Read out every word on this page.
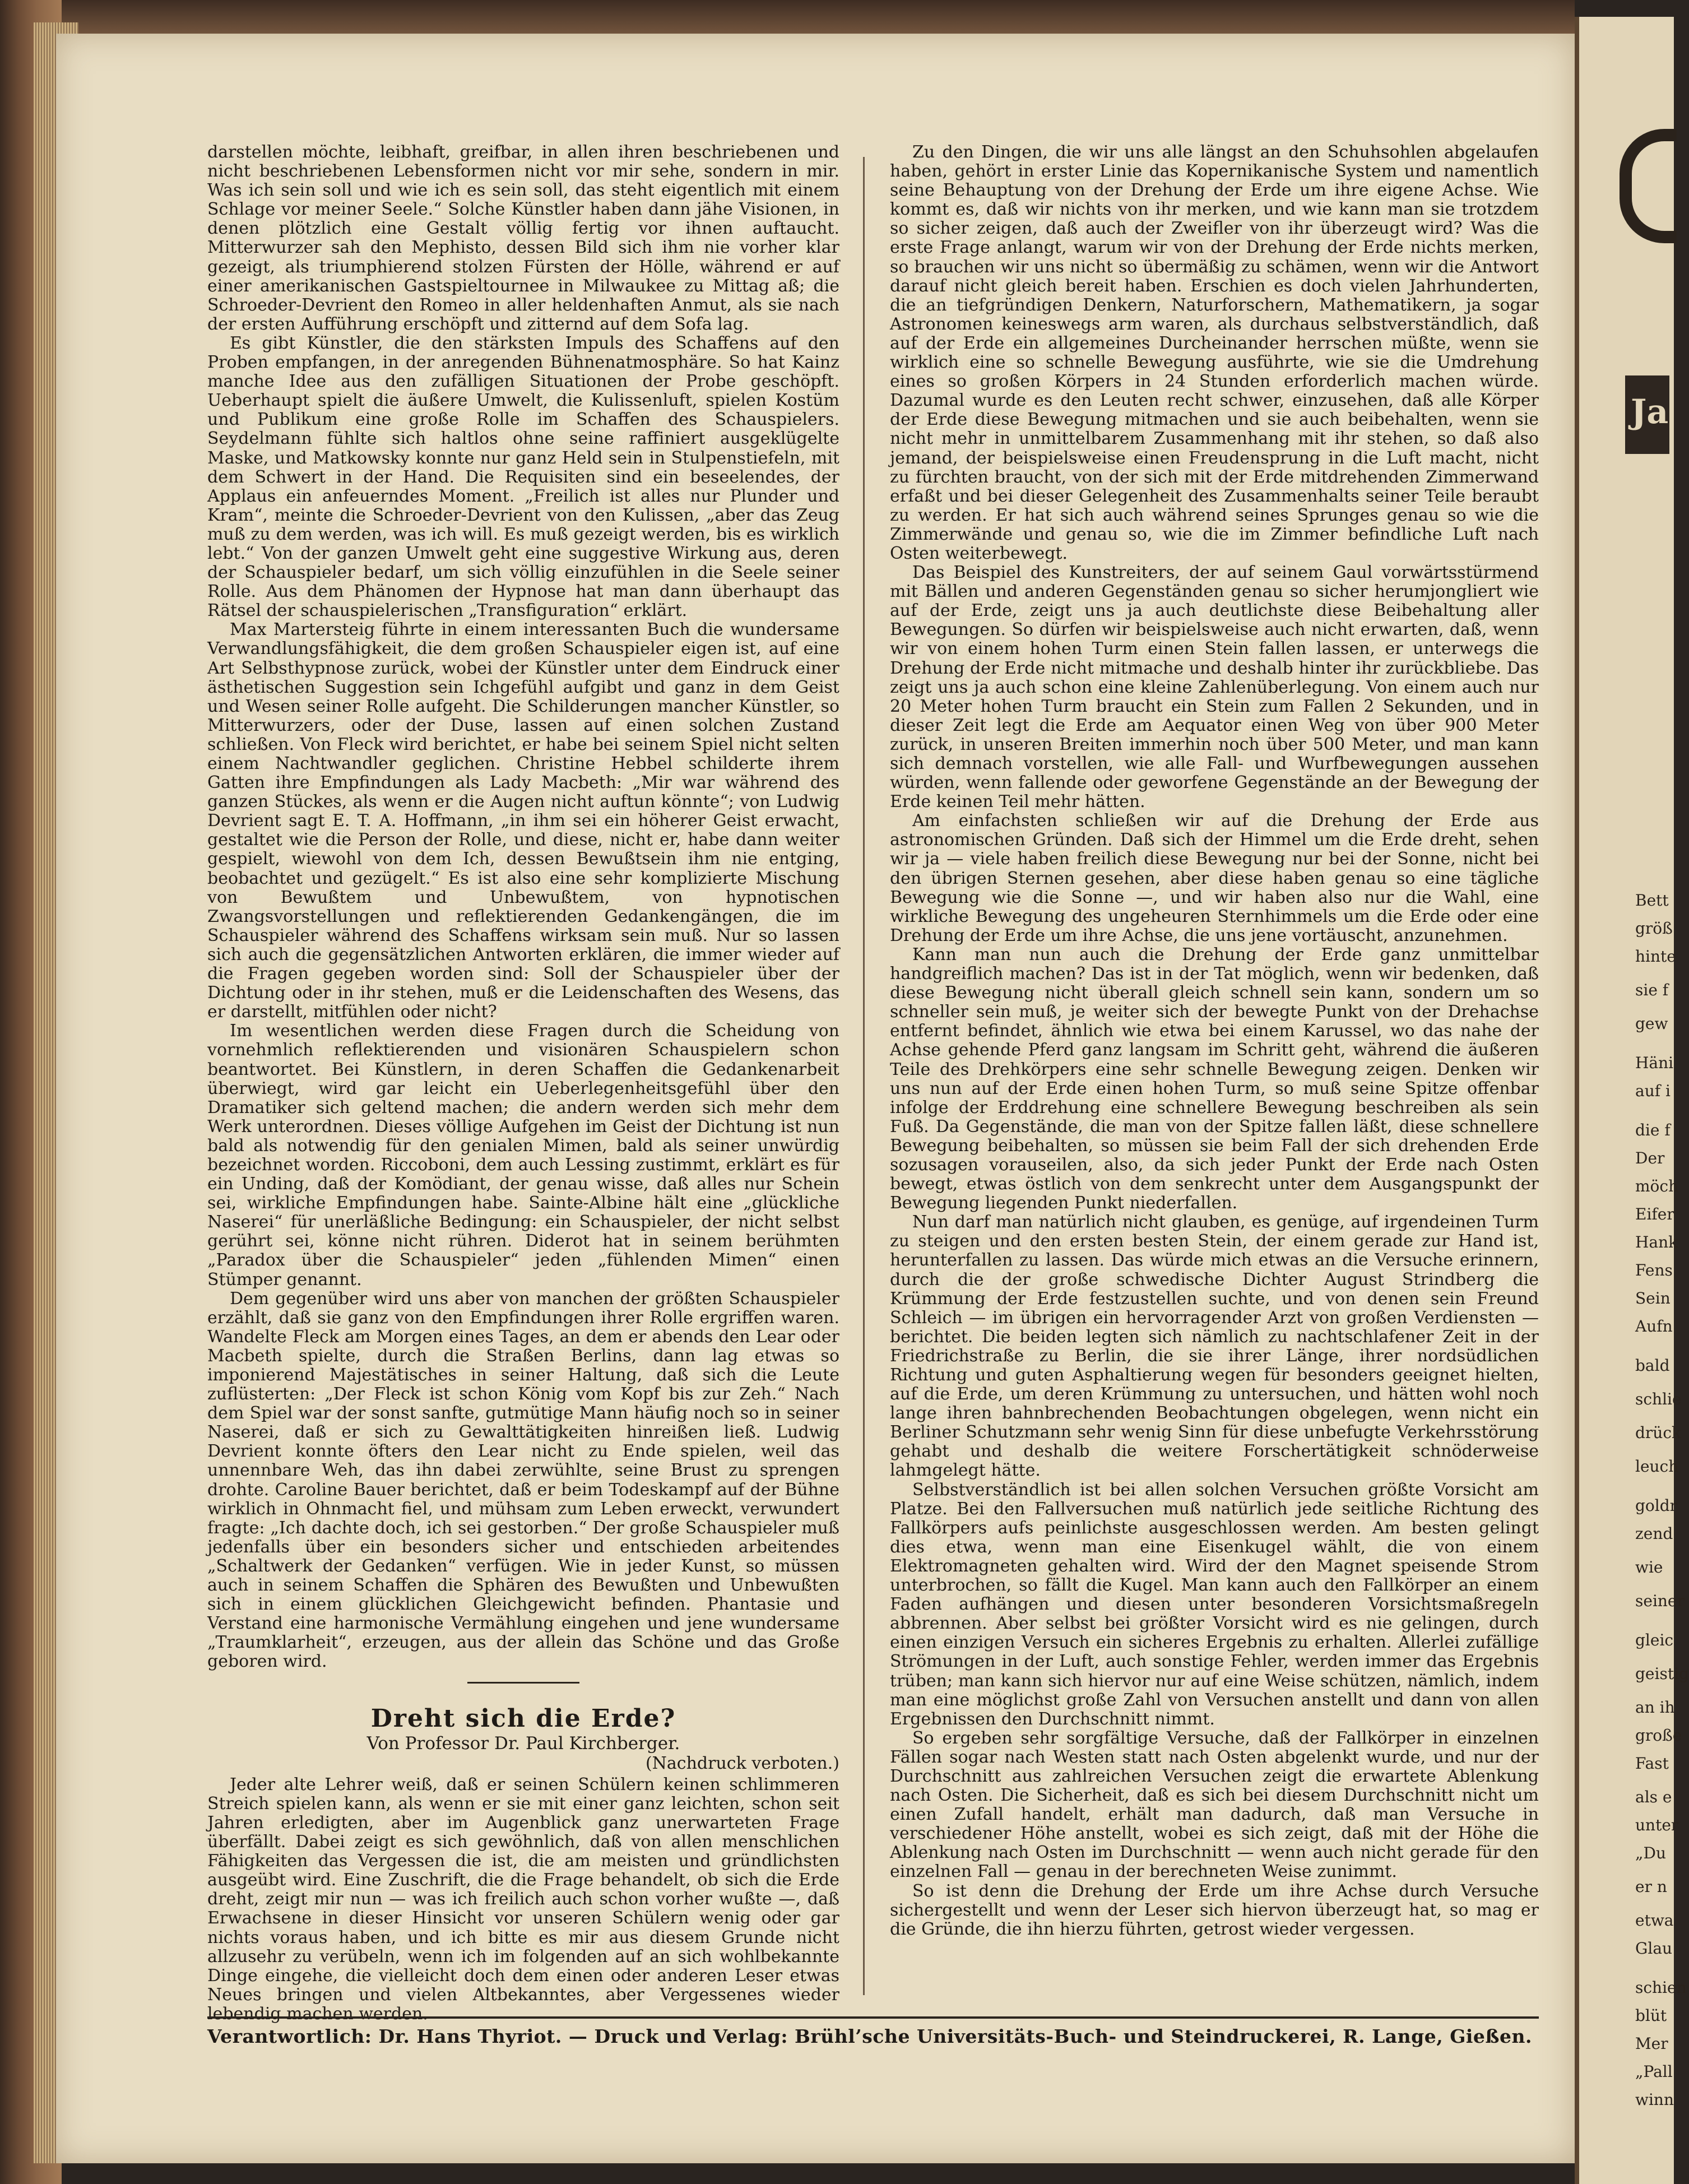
Ja

darstellen möchte, leibhaft, greifbar, in allen ihren beschriebenen und nicht beschriebenen Lebensformen nicht vor mir sehe, sondern in mir. Was ich sein soll und wie ich es sein soll, das steht eigentlich mit einem Schlage vor meiner Seele.“ Solche Künstler haben dann jähe Visionen, in denen plötzlich eine Gestalt völlig fertig vor ihnen auftaucht. Mitterwurzer sah den Mephisto, dessen Bild sich ihm nie vorher klar gezeigt, als triumphierend stolzen Fürsten der Hölle, während er auf einer amerikanischen Gastspieltournee in Milwaukee zu Mittag aß; die Schroeder-Devrient den Romeo in aller heldenhaften Anmut, als sie nach der ersten Aufführung erschöpft und zitternd auf dem Sofa lag.

Es gibt Künstler, die den stärksten Impuls des Schaffens auf den Proben empfangen, in der anregenden Bühnenatmosphäre. So hat Kainz manche Idee aus den zufälligen Situationen der Probe geschöpft. Ueberhaupt spielt die äußere Umwelt, die Kulissenluft, spielen Kostüm und Publikum eine große Rolle im Schaffen des Schauspielers. Seydelmann fühlte sich haltlos ohne seine raffiniert ausgeklügelte Maske, und Matkowsky konnte nur ganz Held sein in Stulpenstiefeln, mit dem Schwert in der Hand. Die Requisiten sind ein beseelendes, der Applaus ein anfeuerndes Moment. „Freilich ist alles nur Plunder und Kram“, meinte die Schroeder-Devrient von den Kulissen, „aber das Zeug muß zu dem werden, was ich will. Es muß gezeigt werden, bis es wirklich lebt.“ Von der ganzen Umwelt geht eine suggestive Wirkung aus, deren der Schauspieler bedarf, um sich völlig einzufühlen in die Seele seiner Rolle. Aus dem Phänomen der Hypnose hat man dann überhaupt das Rätsel der schauspielerischen „Transfiguration“ erklärt.

Max Martersteig führte in einem interessanten Buch die wundersame Verwandlungsfähigkeit, die dem großen Schauspieler eigen ist, auf eine Art Selbsthypnose zurück, wobei der Künstler unter dem Eindruck einer ästhetischen Suggestion sein Ichgefühl aufgibt und ganz in dem Geist und Wesen seiner Rolle aufgeht. Die Schilderungen mancher Künstler, so Mitterwurzers, oder der Duse, lassen auf einen solchen Zustand schließen. Von Fleck wird berichtet, er habe bei seinem Spiel nicht selten einem Nachtwandler geglichen. Christine Hebbel schilderte ihrem Gatten ihre Empfindungen als Lady Macbeth: „Mir war während des ganzen Stückes, als wenn er die Augen nicht auftun könnte“; von Ludwig Devrient sagt E. T. A. Hoffmann, „in ihm sei ein höherer Geist erwacht, gestaltet wie die Person der Rolle, und diese, nicht er, habe dann weiter gespielt, wiewohl von dem Ich, dessen Bewußtsein ihm nie entging, beobachtet und gezügelt.“ Es ist also eine sehr komplizierte Mischung von Bewußtem und Unbewußtem, von hypnotischen Zwangsvorstellungen und reflektierenden Gedankengängen, die im Schauspieler während des Schaffens wirksam sein muß. Nur so lassen sich auch die gegensätzlichen Antworten erklären, die immer wieder auf die Fragen gegeben worden sind: Soll der Schauspieler über der Dichtung oder in ihr stehen, muß er die Leidenschaften des Wesens, das er darstellt, mitfühlen oder nicht?

Im wesentlichen werden diese Fragen durch die Scheidung von vornehmlich reflektierenden und visionären Schauspielern schon beantwortet. Bei Künstlern, in deren Schaffen die Gedankenarbeit überwiegt, wird gar leicht ein Ueberlegenheitsgefühl über den Dramatiker sich geltend machen; die andern werden sich mehr dem Werk unterordnen. Dieses völlige Aufgehen im Geist der Dichtung ist nun bald als notwendig für den genialen Mimen, bald als seiner unwürdig bezeichnet worden. Riccoboni, dem auch Lessing zustimmt, erklärt es für ein Unding, daß der Komödiant, der genau wisse, daß alles nur Schein sei, wirkliche Empfindungen habe. Sainte-Albine hält eine „glückliche Naserei“ für unerläßliche Bedingung: ein Schauspieler, der nicht selbst gerührt sei, könne nicht rühren. Diderot hat in seinem berühmten „Paradox über die Schauspieler“ jeden „fühlenden Mimen“ einen Stümper genannt.

Dem gegenüber wird uns aber von manchen der größten Schauspieler erzählt, daß sie ganz von den Empfindungen ihrer Rolle ergriffen waren. Wandelte Fleck am Morgen eines Tages, an dem er abends den Lear oder Macbeth spielte, durch die Straßen Berlins, dann lag etwas so imponierend Majestätisches in seiner Haltung, daß sich die Leute zuflüsterten: „Der Fleck ist schon König vom Kopf bis zur Zeh.“ Nach dem Spiel war der sonst sanfte, gutmütige Mann häufig noch so in seiner Naserei, daß er sich zu Gewalttätigkeiten hinreißen ließ. Ludwig Devrient konnte öfters den Lear nicht zu Ende spielen, weil das unnennbare Weh, das ihn dabei zerwühlte, seine Brust zu sprengen drohte. Caroline Bauer berichtet, daß er beim Todeskampf auf der Bühne wirklich in Ohnmacht fiel, und mühsam zum Leben erweckt, verwundert fragte: „Ich dachte doch, ich sei gestorben.“ Der große Schauspieler muß jedenfalls über ein besonders sicher und entschieden arbeitendes „Schaltwerk der Gedanken“ verfügen. Wie in jeder Kunst, so müssen auch in seinem Schaffen die Sphären des Bewußten und Unbewußten sich in einem glücklichen Gleichgewicht befinden. Phantasie und Verstand eine harmonische Vermählung eingehen und jene wundersame „Traumklarheit“, erzeugen, aus der allein das Schöne und das Große geboren wird.

Dreht sich die Erde?

Von Professor Dr. Paul Kirchberger.

(Nachdruck verboten.)

Jeder alte Lehrer weiß, daß er seinen Schülern keinen schlimmeren Streich spielen kann, als wenn er sie mit einer ganz leichten, schon seit Jahren erledigten, aber im Augenblick ganz unerwarteten Frage überfällt. Dabei zeigt es sich gewöhnlich, daß von allen menschlichen Fähigkeiten das Vergessen die ist, die am meisten und gründlichsten ausgeübt wird. Eine Zuschrift, die die Frage behandelt, ob sich die Erde dreht, zeigt mir nun — was ich freilich auch schon vorher wußte —, daß Erwachsene in dieser Hinsicht vor unseren Schülern wenig oder gar nichts voraus haben, und ich bitte es mir aus diesem Grunde nicht allzusehr zu verübeln, wenn ich im folgenden auf an sich wohlbekannte Dinge eingehe, die vielleicht doch dem einen oder anderen Leser etwas Neues bringen und vielen Altbekanntes, aber Vergessenes wieder lebendig machen werden.

Zu den Dingen, die wir uns alle längst an den Schuhsohlen abgelaufen haben, gehört in erster Linie das Kopernikanische System und namentlich seine Behauptung von der Drehung der Erde um ihre eigene Achse. Wie kommt es, daß wir nichts von ihr merken, und wie kann man sie trotzdem so sicher zeigen, daß auch der Zweifler von ihr überzeugt wird? Was die erste Frage anlangt, warum wir von der Drehung der Erde nichts merken, so brauchen wir uns nicht so übermäßig zu schämen, wenn wir die Antwort darauf nicht gleich bereit haben. Erschien es doch vielen Jahrhunderten, die an tiefgründigen Denkern, Naturforschern, Mathematikern, ja sogar Astronomen keineswegs arm waren, als durchaus selbstverständlich, daß auf der Erde ein allgemeines Durcheinander herrschen müßte, wenn sie wirklich eine so schnelle Bewegung ausführte, wie sie die Umdrehung eines so großen Körpers in 24 Stunden erforderlich machen würde. Dazumal wurde es den Leuten recht schwer, einzusehen, daß alle Körper der Erde diese Bewegung mitmachen und sie auch beibehalten, wenn sie nicht mehr in unmittelbarem Zusammenhang mit ihr stehen, so daß also jemand, der beispielsweise einen Freudensprung in die Luft macht, nicht zu fürchten braucht, von der sich mit der Erde mitdrehenden Zimmerwand erfaßt und bei dieser Gelegenheit des Zusammenhalts seiner Teile beraubt zu werden. Er hat sich auch während seines Sprunges genau so wie die Zimmerwände und genau so, wie die im Zimmer befindliche Luft nach Osten weiterbewegt.

Das Beispiel des Kunstreiters, der auf seinem Gaul vorwärtsstürmend mit Bällen und anderen Gegenständen genau so sicher herumjongliert wie auf der Erde, zeigt uns ja auch deutlichste diese Beibehaltung aller Bewegungen. So dürfen wir beispielsweise auch nicht erwarten, daß, wenn wir von einem hohen Turm einen Stein fallen lassen, er unterwegs die Drehung der Erde nicht mitmache und deshalb hinter ihr zurückbliebe. Das zeigt uns ja auch schon eine kleine Zahlenüberlegung. Von einem auch nur 20 Meter hohen Turm braucht ein Stein zum Fallen 2 Sekunden, und in dieser Zeit legt die Erde am Aequator einen Weg von über 900 Meter zurück, in unseren Breiten immerhin noch über 500 Meter, und man kann sich demnach vorstellen, wie alle Fall- und Wurfbewegungen aussehen würden, wenn fallende oder geworfene Gegenstände an der Bewegung der Erde keinen Teil mehr hätten.

Am einfachsten schließen wir auf die Drehung der Erde aus astronomischen Gründen. Daß sich der Himmel um die Erde dreht, sehen wir ja — viele haben freilich diese Bewegung nur bei der Sonne, nicht bei den übrigen Sternen gesehen, aber diese haben genau so eine tägliche Bewegung wie die Sonne —, und wir haben also nur die Wahl, eine wirkliche Bewegung des ungeheuren Sternhimmels um die Erde oder eine Drehung der Erde um ihre Achse, die uns jene vortäuscht, anzunehmen.

Kann man nun auch die Drehung der Erde ganz unmittelbar handgreiflich machen? Das ist in der Tat möglich, wenn wir bedenken, daß diese Bewegung nicht überall gleich schnell sein kann, sondern um so schneller sein muß, je weiter sich der bewegte Punkt von der Drehachse entfernt befindet, ähnlich wie etwa bei einem Karussel, wo das nahe der Achse gehende Pferd ganz langsam im Schritt geht, während die äußeren Teile des Drehkörpers eine sehr schnelle Bewegung zeigen. Denken wir uns nun auf der Erde einen hohen Turm, so muß seine Spitze offenbar infolge der Erddrehung eine schnellere Bewegung beschreiben als sein Fuß. Da Gegenstände, die man von der Spitze fallen läßt, diese schnellere Bewegung beibehalten, so müssen sie beim Fall der sich drehenden Erde sozusagen vorauseilen, also, da sich jeder Punkt der Erde nach Osten bewegt, etwas östlich von dem senkrecht unter dem Ausgangspunkt der Bewegung liegenden Punkt niederfallen.

Nun darf man natürlich nicht glauben, es genüge, auf irgendeinen Turm zu steigen und den ersten besten Stein, der einem gerade zur Hand ist, herunterfallen zu lassen. Das würde mich etwas an die Versuche erinnern, durch die der große schwedische Dichter August Strindberg die Krümmung der Erde festzustellen suchte, und von denen sein Freund Schleich — im übrigen ein hervorragender Arzt von großen Verdiensten — berichtet. Die beiden legten sich nämlich zu nachtschlafener Zeit in der Friedrichstraße zu Berlin, die sie ihrer Länge, ihrer nordsüdlichen Richtung und guten Asphaltierung wegen für besonders geeignet hielten, auf die Erde, um deren Krümmung zu untersuchen, und hätten wohl noch lange ihren bahnbrechenden Beobachtungen obgelegen, wenn nicht ein Berliner Schutzmann sehr wenig Sinn für diese unbefugte Verkehrsstörung gehabt und deshalb die weitere Forschertätigkeit schnöderweise lahmgelegt hätte.

Selbstverständlich ist bei allen solchen Versuchen größte Vorsicht am Platze. Bei den Fallversuchen muß natürlich jede seitliche Richtung des Fallkörpers aufs peinlichste ausgeschlossen werden. Am besten gelingt dies etwa, wenn man eine Eisenkugel wählt, die von einem Elektromagneten gehalten wird. Wird der den Magnet speisende Strom unterbrochen, so fällt die Kugel. Man kann auch den Fallkörper an einem Faden aufhängen und diesen unter besonderen Vorsichtsmaßregeln abbrennen. Aber selbst bei größter Vorsicht wird es nie gelingen, durch einen einzigen Versuch ein sicheres Ergebnis zu erhalten. Allerlei zufällige Strömungen in der Luft, auch sonstige Fehler, werden immer das Ergebnis trüben; man kann sich hiervor nur auf eine Weise schützen, nämlich, indem man eine möglichst große Zahl von Versuchen anstellt und dann von allen Ergebnissen den Durchschnitt nimmt.

So ergeben sehr sorgfältige Versuche, daß der Fallkörper in einzelnen Fällen sogar nach Westen statt nach Osten abgelenkt wurde, und nur der Durchschnitt aus zahlreichen Versuchen zeigt die erwartete Ablenkung nach Osten. Die Sicherheit, daß es sich bei diesem Durchschnitt nicht um einen Zufall handelt, erhält man dadurch, daß man Versuche in verschiedener Höhe anstellt, wobei es sich zeigt, daß mit der Höhe die Ablenkung nach Osten im Durchschnitt — wenn auch nicht gerade für den einzelnen Fall — genau in der berechneten Weise zunimmt.

So ist denn die Drehung der Erde um ihre Achse durch Versuche sichergestellt und wenn der Leser sich hiervon überzeugt hat, so mag er die Gründe, die ihn hierzu führten, getrost wieder vergessen.

Verantwortlich: Dr. Hans Thyriot. — Druck und Verlag: Brühl’sche Universitäts-Buch- und Steindruckerei, R. Lange, Gießen.
Bett
größ
hinte
sie f
gew
Häni
auf i
die f
Der
möch
Eifer
Hank
Fens
Sein
Aufn
bald
schlie
drück
leuch
goldr
zend
wie
seiner
gleic
geistig
an ih
große
Fast
als e
unter
„Du
er n
etwa
Glau
schien
blüt
Mer
„Pall
winn
